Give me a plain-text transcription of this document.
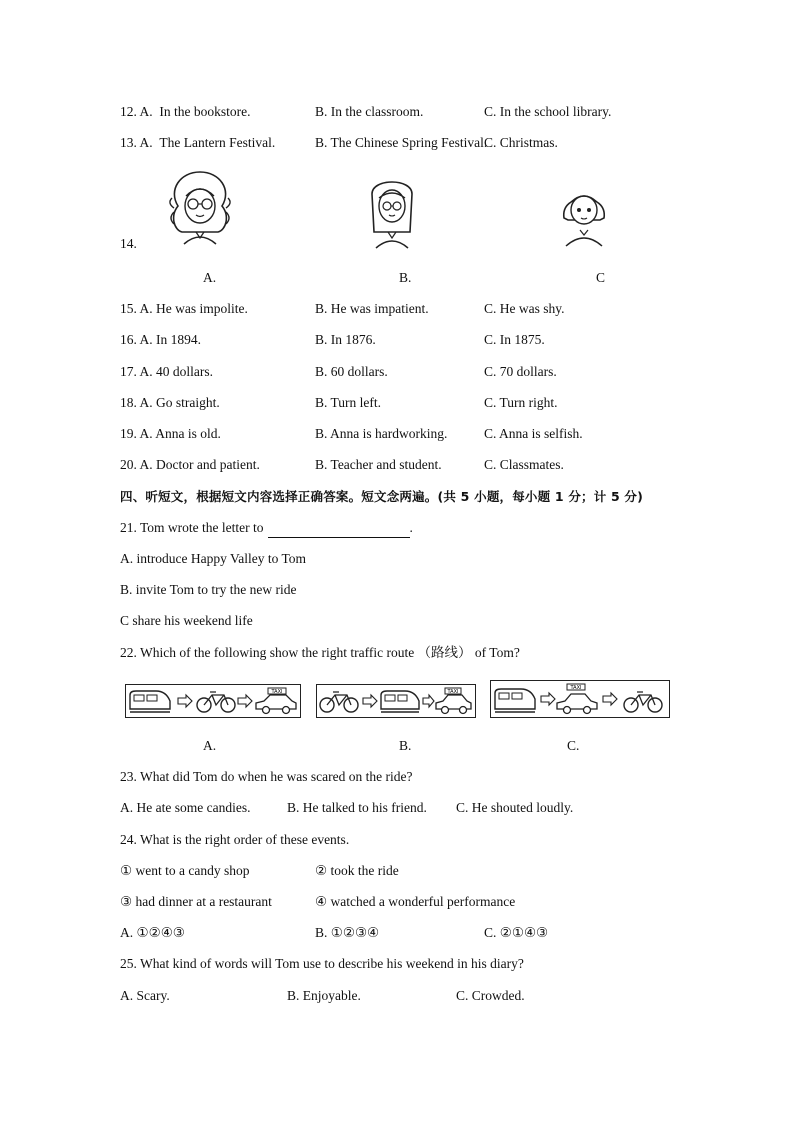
12. A. In the bookstore.	B. In the classroom.	C. In the school library.
13. A. The Lantern Festival.	B. The Chinese Spring Festival.
C. Christmas.
14.
A.	B.	C
15. A. He was impolite.	B. He was impatient.	C. He was shy.
16. A. In 1894.	B. In 1876.	C. In 1875.
17. A. 40 dollars.	B. 60 dollars.	C. 70 dollars.
18. A. Go straight.	B. Turn left.	C. Turn right.
19. A. Anna is old.	B. Anna is hardworking.	C. Anna is selfish.
20. A. Doctor and patient.	B. Teacher and student.	C. Classmates.
四、听短文，根据短文内容选择正确答案。短文念两遍。(共 5 小题，每小题 1 分；计 5 分)
21. Tom wrote the letter to	.
A. introduce Happy Valley to Tom
B. invite Tom to try the new ride
C share his weekend life
22. Which of the following show the right traffic route （路线） of Tom?
TAXI	TAXI
TAXI
A.	B.	C.
23. What did Tom do when he was scared on the ride?
A. He ate some candies.	B. He talked to his friend. C. He shouted loudly.
24. What is the right order of these events.
① went to a candy shop	② took the ride
③ had dinner at a restaurant	④ watched a wonderful performance
A. ①②④③	B. ①②③④	C. ②①④③
25. What kind of words will Tom use to describe his weekend in his diary?
A. Scary.	B. Enjoyable.	C. Crowded.
